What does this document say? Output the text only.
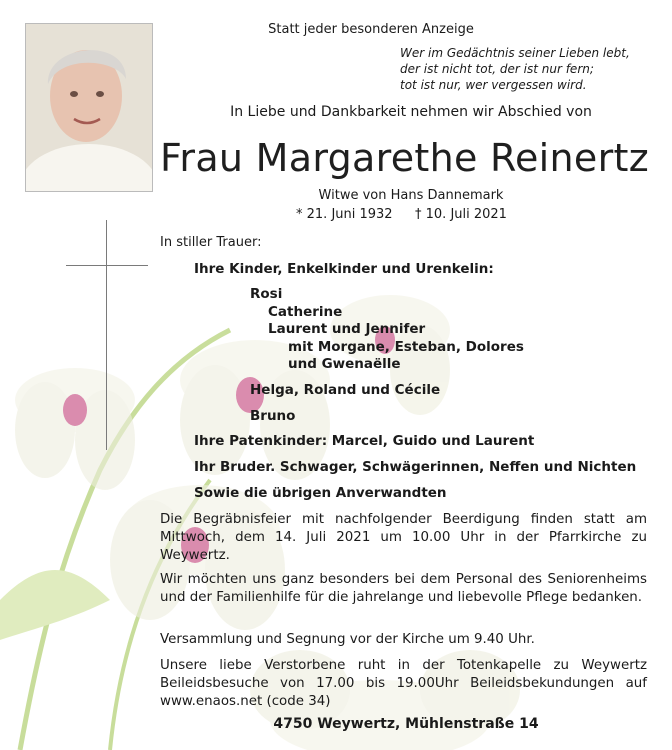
Statt jeder besonderen Anzeige
Wer im Gedächtnis seiner Lieben lebt,
der ist nicht tot, der ist nur fern;
tot ist nur, wer vergessen wird.
In Liebe und Dankbarkeit nehmen wir Abschied von
Frau Margarethe Reinertz
Witwe von Hans Dannemark
* 21. Juni 1932 † 10. Juli 2021
In stiller Trauer:
Ihre Kinder, Enkelkinder und Urenkelin:
Rosi
Catherine
Laurent und Jennifer
mit Morgane, Esteban, Dolores
und Gwenaëlle
Helga, Roland und Cécile
Bruno
Ihre Patenkinder: Marcel, Guido und Laurent
Ihr Bruder. Schwager, Schwägerinnen, Neffen und Nichten
Sowie die übrigen Anverwandten
Die Begräbnisfeier mit nachfolgender Beerdigung finden statt am Mittwoch, dem 14. Juli 2021 um 10.00 Uhr in der Pfarrkirche zu Weywertz.
Wir möchten uns ganz besonders bei dem Personal des Seniorenheims und der Familienhilfe für die jahrelange und liebevolle Pflege bedanken.
Versammlung und Segnung vor der Kirche um 9.40 Uhr.
Unsere liebe Verstorbene ruht in der Totenkapelle zu Weywertz Beileidsbesuche von 17.00 bis 19.00Uhr Beileidsbekundungen auf www.enaos.net (code 34)
4750 Weywertz, Mühlenstraße 14
